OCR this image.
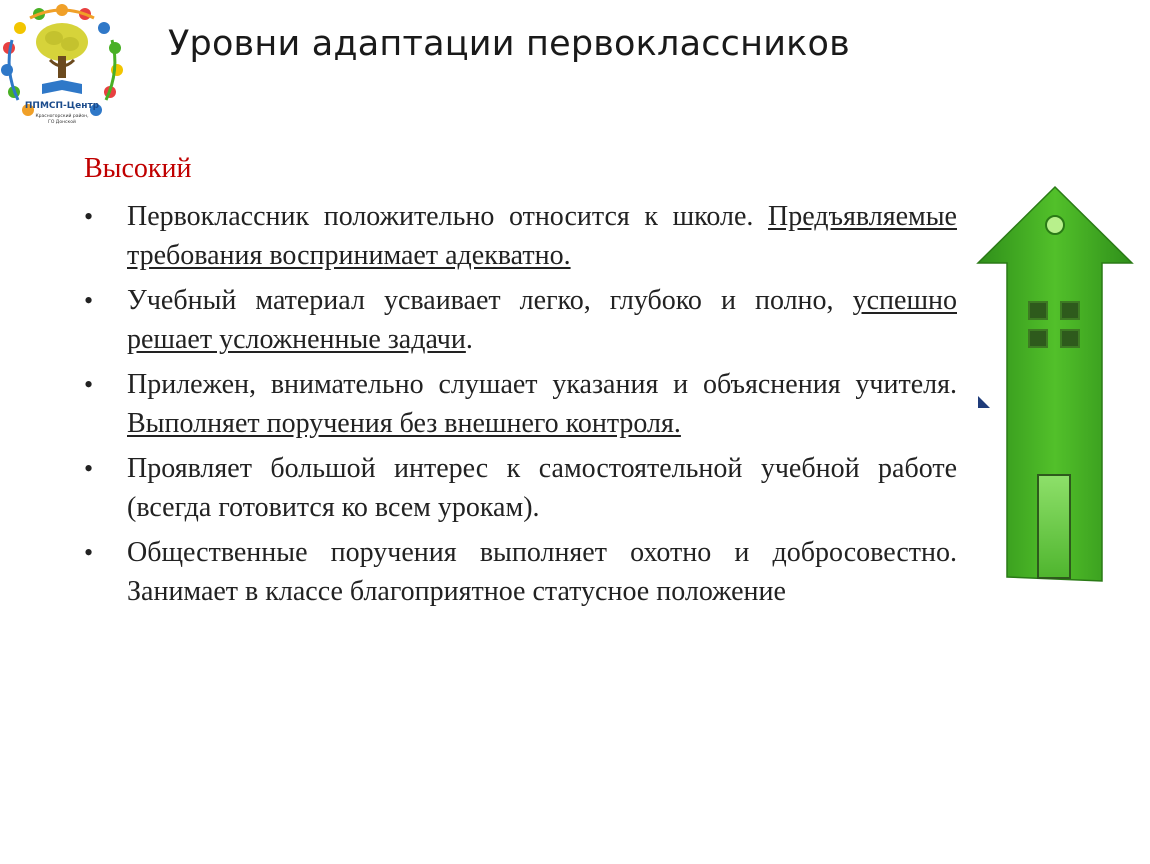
ППМСП-Центр
Красногорский район,
ГО Донской
Уровни адаптации первоклассников
Высокий
• Первоклассник положительно относится к школе. Предъявляемые требования воспринимает адекватно.
• Учебный материал усваивает легко, глубоко и полно, успешно решает усложненные задачи.
• Прилежен, внимательно слушает указания и объяснения учителя. Выполняет поручения без внешнего контроля.
• Проявляет большой интерес к самостоятельной учебной работе (всегда готовится ко всем урокам).
• Общественные поручения выполняет охотно и добросовестно. Занимает в классе благоприятное статусное положение
